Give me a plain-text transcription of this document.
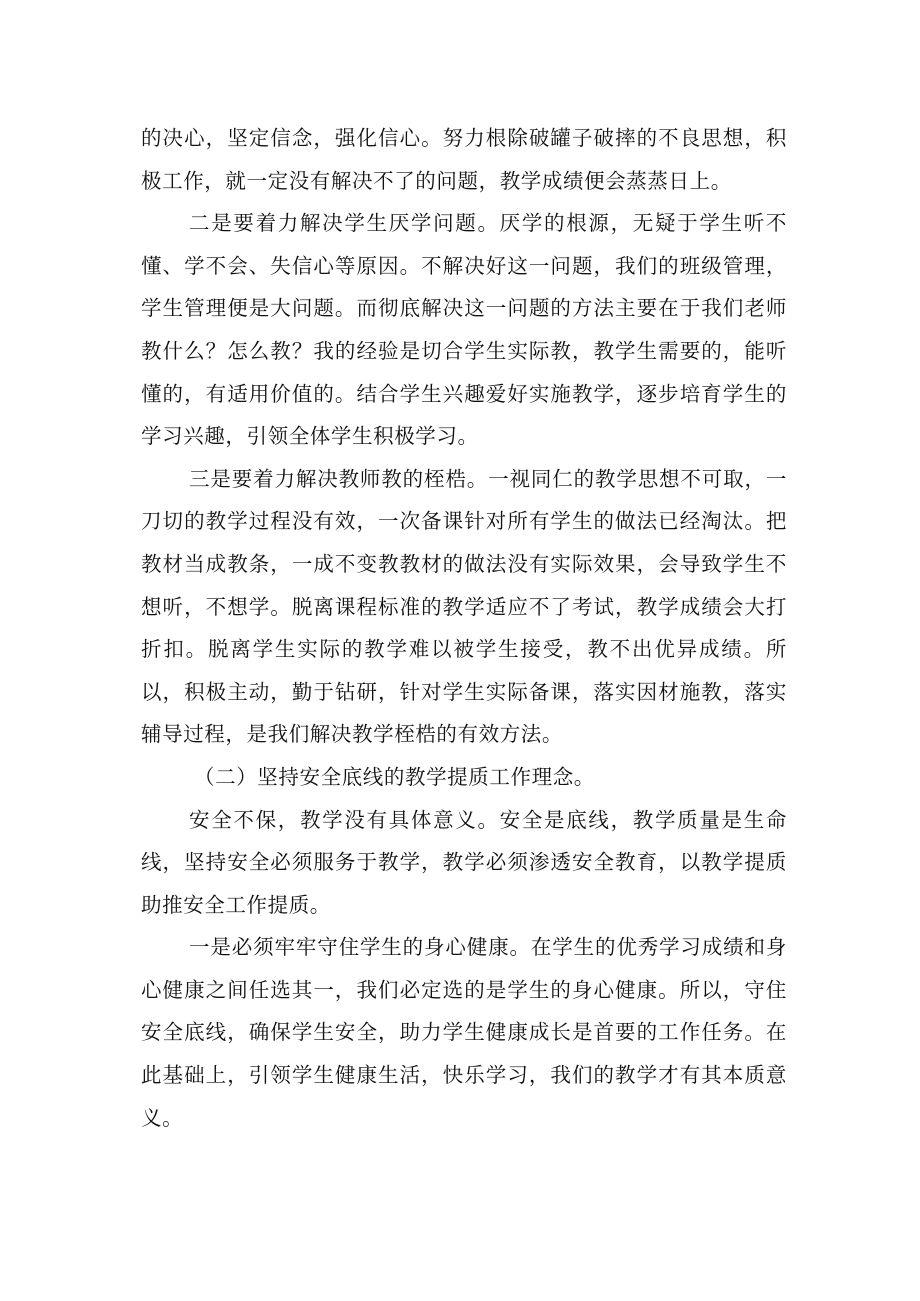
的决心，坚定信念，强化信心。努力根除破罐子破摔的不良思想，积极工作，就一定没有解决不了的问题，教学成绩便会蒸蒸日上。

二是要着力解决学生厌学问题。厌学的根源，无疑于学生听不懂、学不会、失信心等原因。不解决好这一问题，我们的班级管理，学生管理便是大问题。而彻底解决这一问题的方法主要在于我们老师教什么？怎么教？我的经验是切合学生实际教，教学生需要的，能听懂的，有适用价值的。结合学生兴趣爱好实施教学，逐步培育学生的学习兴趣，引领全体学生积极学习。

三是要着力解决教师教的桎梏。一视同仁的教学思想不可取，一刀切的教学过程没有效，一次备课针对所有学生的做法已经淘汰。把教材当成教条，一成不变教教材的做法没有实际效果，会导致学生不想听，不想学。脱离课程标准的教学适应不了考试，教学成绩会大打折扣。脱离学生实际的教学难以被学生接受，教不出优异成绩。所以，积极主动，勤于钻研，针对学生实际备课，落实因材施教，落实辅导过程，是我们解决教学桎梏的有效方法。

（二）坚持安全底线的教学提质工作理念。

安全不保，教学没有具体意义。安全是底线，教学质量是生命线，坚持安全必须服务于教学，教学必须渗透安全教育，以教学提质助推安全工作提质。

一是必须牢牢守住学生的身心健康。在学生的优秀学习成绩和身心健康之间任选其一，我们必定选的是学生的身心健康。所以，守住安全底线，确保学生安全，助力学生健康成长是首要的工作任务。在此基础上，引领学生健康生活，快乐学习，我们的教学才有其本质意义。
